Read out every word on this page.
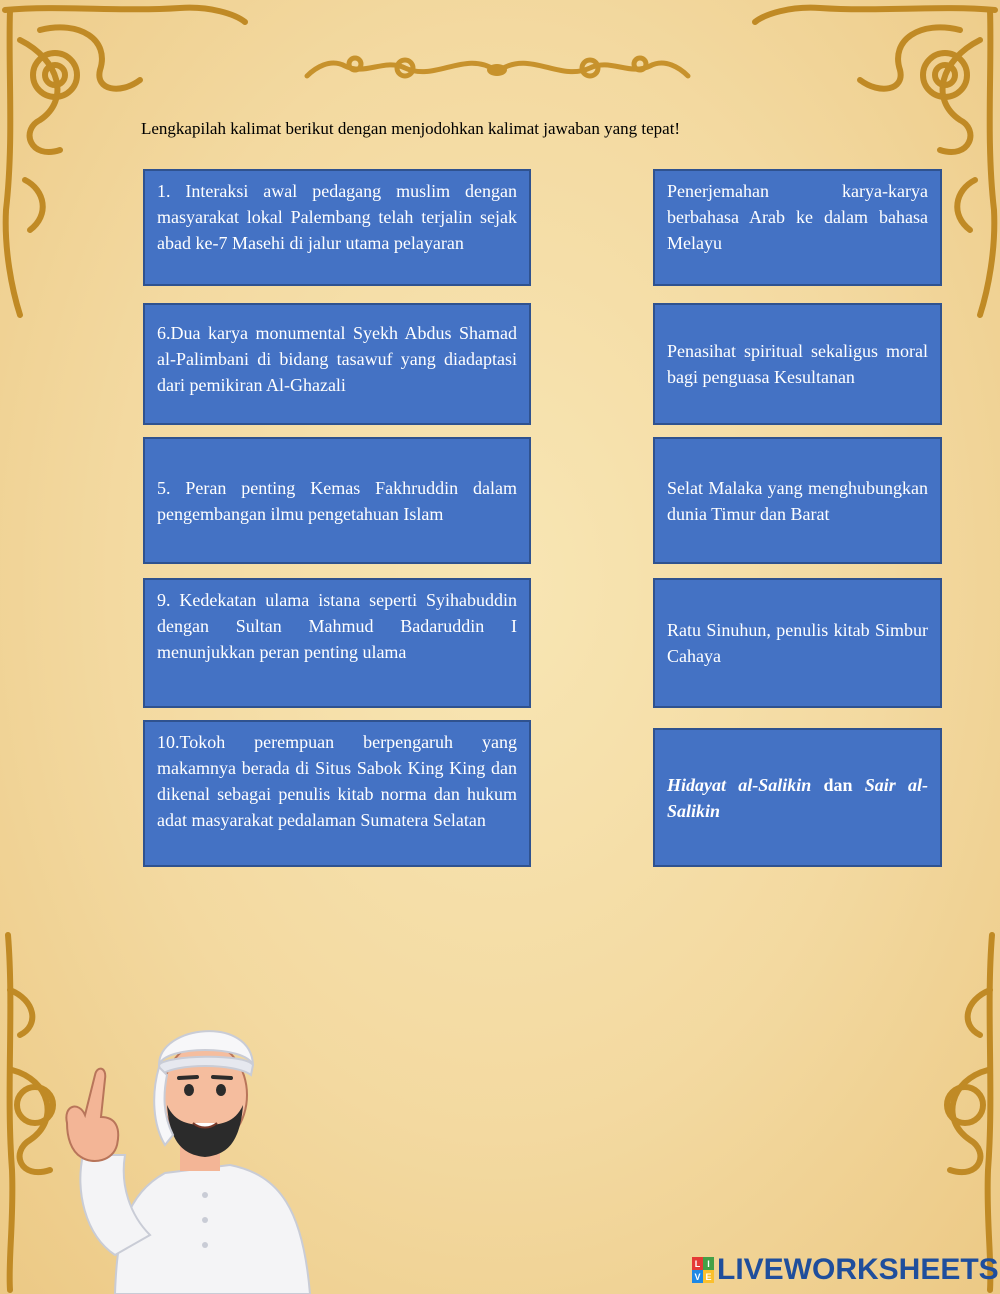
Lengkapilah kalimat berikut dengan menjodohkan kalimat jawaban yang tepat!
1. Interaksi awal pedagang muslim dengan masyarakat lokal Palembang telah terjalin sejak abad ke-7 Masehi di jalur utama pelayaran
6.Dua karya monumental Syekh Abdus Shamad al-Palimbani di bidang tasawuf yang diadaptasi dari pemikiran Al-Ghazali
5. Peran penting Kemas Fakhruddin dalam pengembangan ilmu pengetahuan Islam
9. Kedekatan ulama istana seperti Syihabuddin dengan Sultan Mahmud Badaruddin I menunjukkan peran penting ulama
10.Tokoh perempuan berpengaruh yang makamnya berada di Situs Sabok King King dan dikenal sebagai penulis kitab norma dan hukum adat masyarakat pedalaman Sumatera Selatan
Penerjemahan karya-karya berbahasa Arab ke dalam bahasa Melayu
Penasihat spiritual sekaligus moral bagi penguasa Kesultanan
Selat Malaka yang menghubungkan dunia Timur dan Barat
Ratu Sinuhun, penulis kitab Simbur Cahaya
Hidayat al-Salikin dan Sair al-Salikin
L I
V E LIVEWORKSHEETS
